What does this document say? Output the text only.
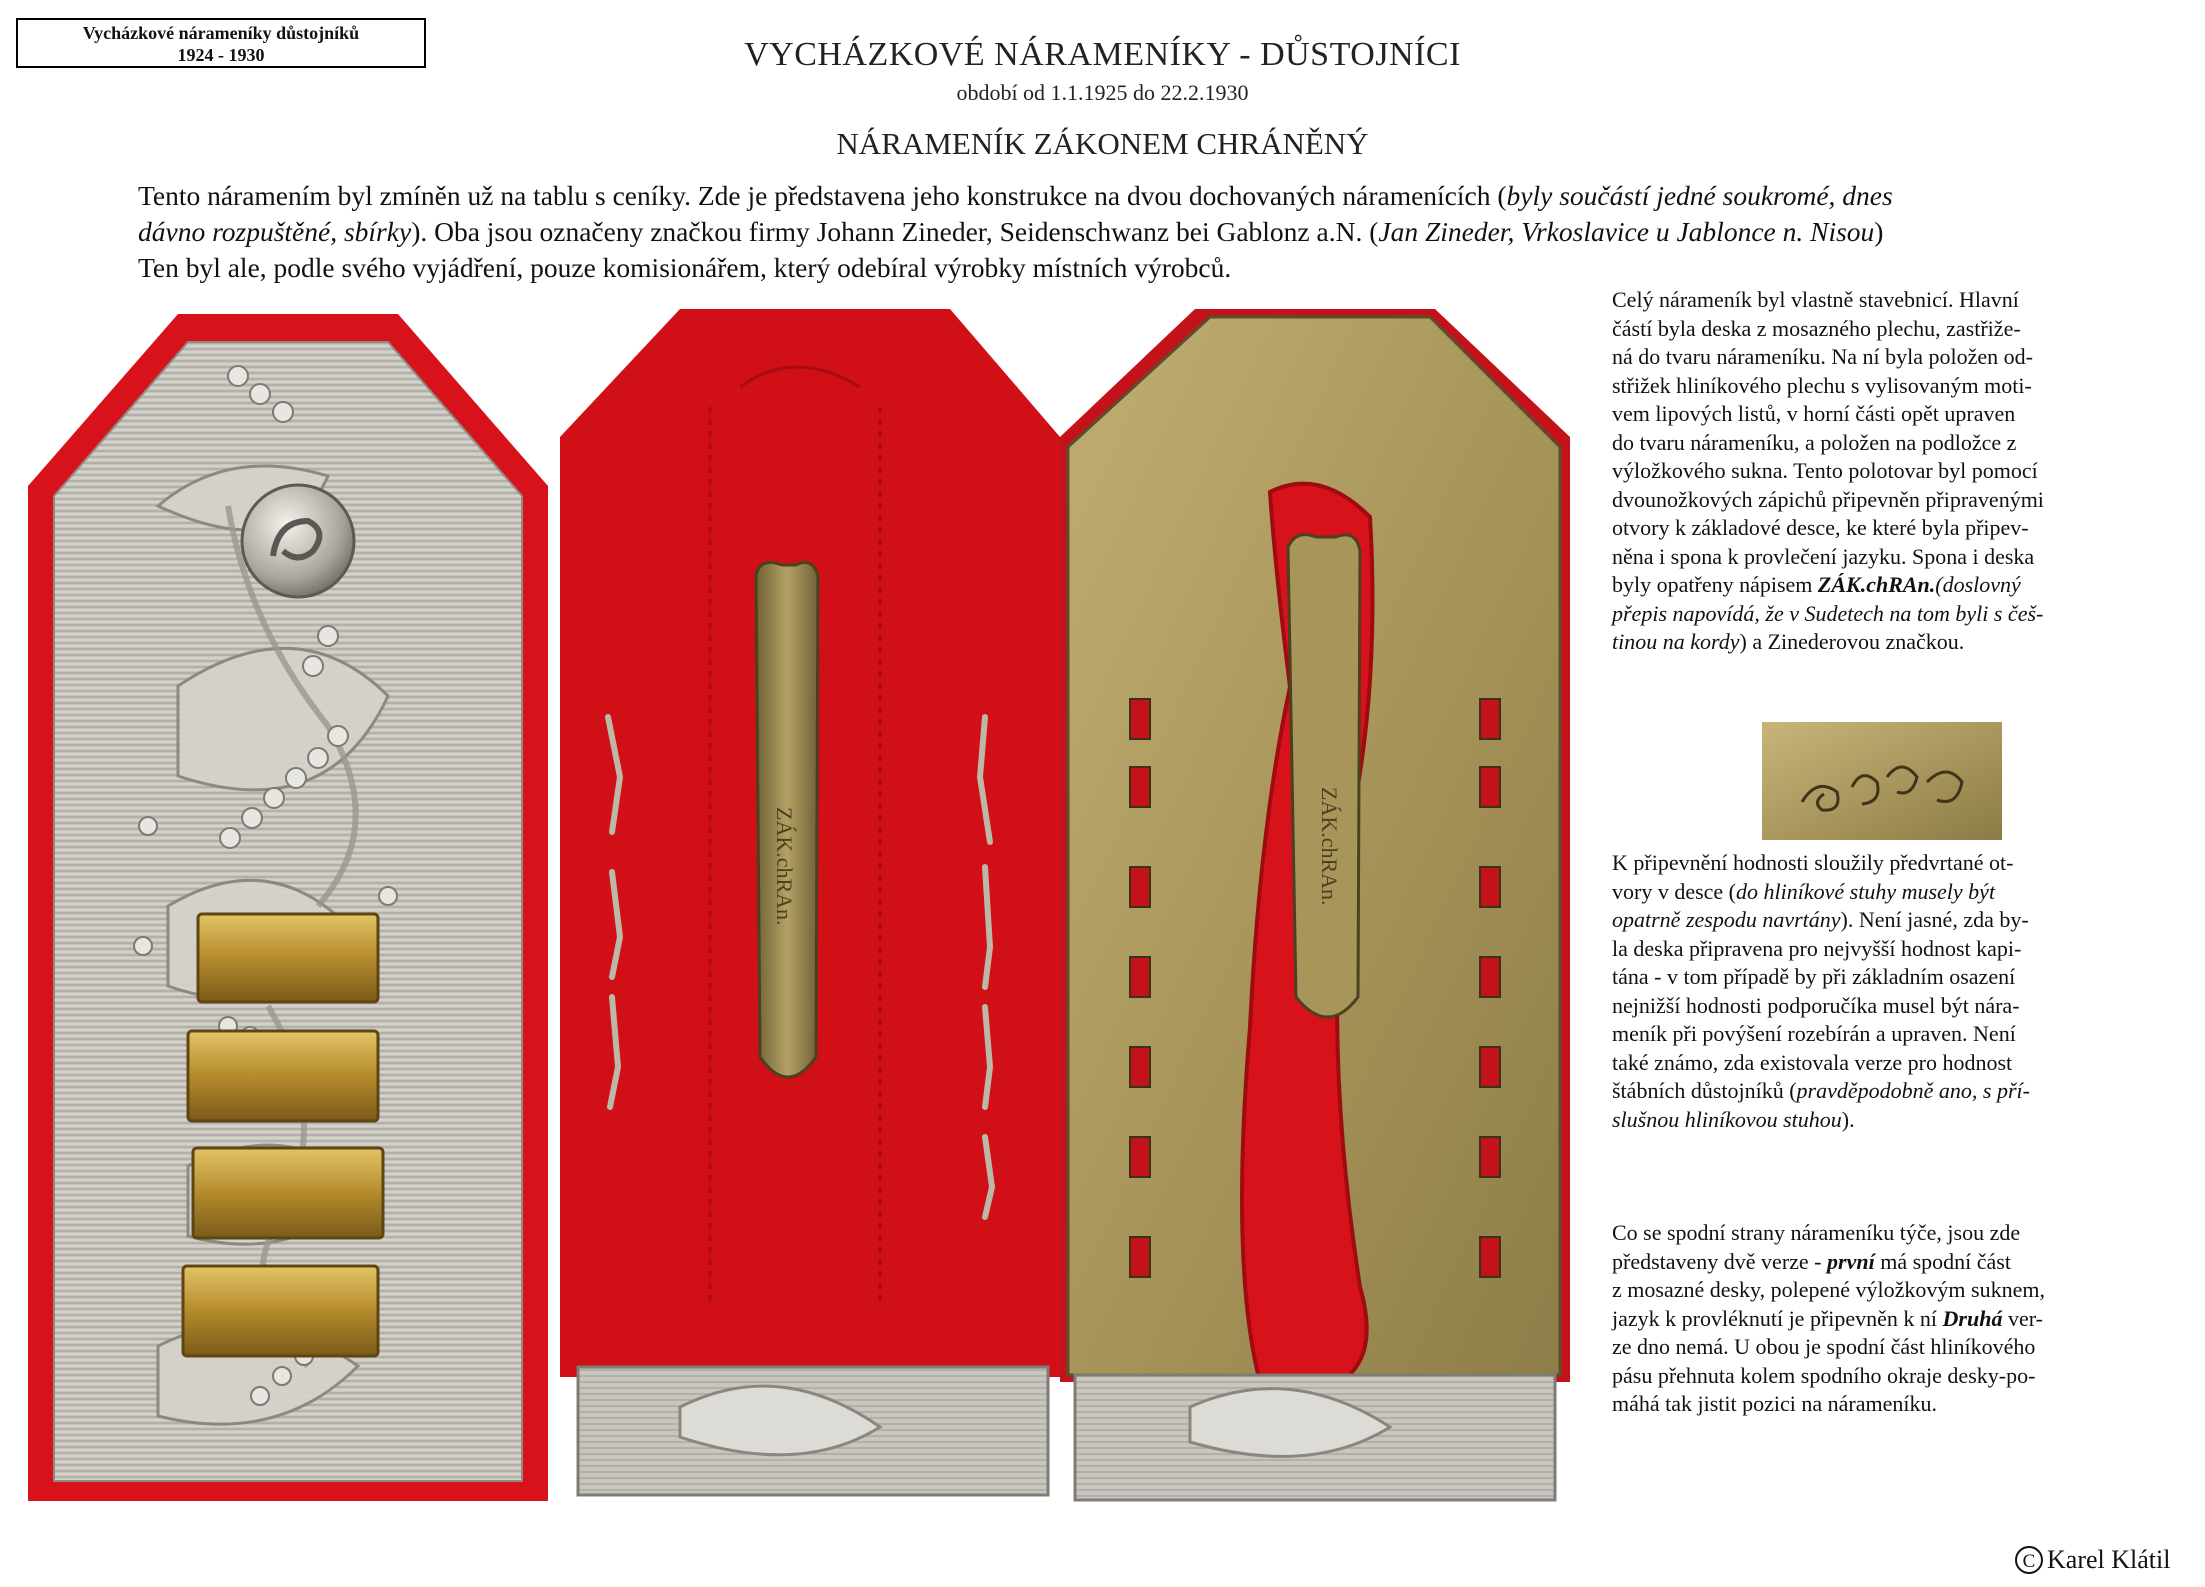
Vycházkové nárameníky důstojníků
1924 - 1930	VYCHÁZKOVÉ NÁRAMENÍKY - DŮSTOJNÍCI
období od 1.1.1925 do 22.2.1930
NÁRAMENÍK ZÁKONEM CHRÁNĚNÝ

Tento náramením byl zmíněn už na tablu s ceníky. Zde je představena jeho konstrukce na dvou dochovaných náramenících (byly součástí jedné soukromé, dnes

dávno rozpuštěné, sbírky). Oba jsou označeny značkou firmy Johann Zineder, Seidenschwanz bei Gablonz a.N. (Jan Zineder, Vrkoslavice u Jablonce n. Nisou)

Ten byl ale, podle svého vyjádření, pouze komisionářem, který odebíral výrobky místních výrobců.

ZÁK.chRAn.	ZÁK.chRAn.

Celý nárameník byl vlastně stavebnicí. Hlavní

částí byla deska z mosazného plechu, zastřiže-

ná do tvaru nárameníku. Na ní byla položen od-

střižek hliníkového plechu s vylisovaným moti-

vem lipových listů, v horní části opět upraven

do tvaru nárameníku, a položen na podložce z

výložkového sukna. Tento polotovar byl pomocí

dvounožkových zápichů připevněn připravenými

otvory k základové desce, ke které byla připev-

něna i spona k provlečení jazyku. Spona i deska

byly opatřeny nápisem ZÁK.chRAn.(doslovný

přepis napovídá, že v Sudetech na tom byli s češ-

tinou na kordy) a Zinederovou značkou.

K připevnění hodnosti sloužily předvrtané ot-

vory v desce (do hliníkové stuhy musely být

opatrně zespodu navrtány). Není jasné, zda by-

la deska připravena pro nejvyšší hodnost kapi-

tána - v tom případě by při základním osazení

nejnižší hodnosti podporučíka musel být nára-

meník při povýšení rozebírán a upraven. Není

také známo, zda existovala verze pro hodnost

štábních důstojníků (pravděpodobně ano, s pří-

slušnou hliníkovou stuhou).

Co se spodní strany nárameníku týče, jsou zde

představeny dvě verze - první má spodní část

z mosazné desky, polepené výložkovým suknem,

jazyk k provléknutí je připevněn k ní Druhá ver-

ze dno nemá. U obou je spodní část hliníkového

pásu přehnuta kolem spodního okraje desky-po-

máhá tak jistit pozici na nárameníku.

C Karel Klátil
